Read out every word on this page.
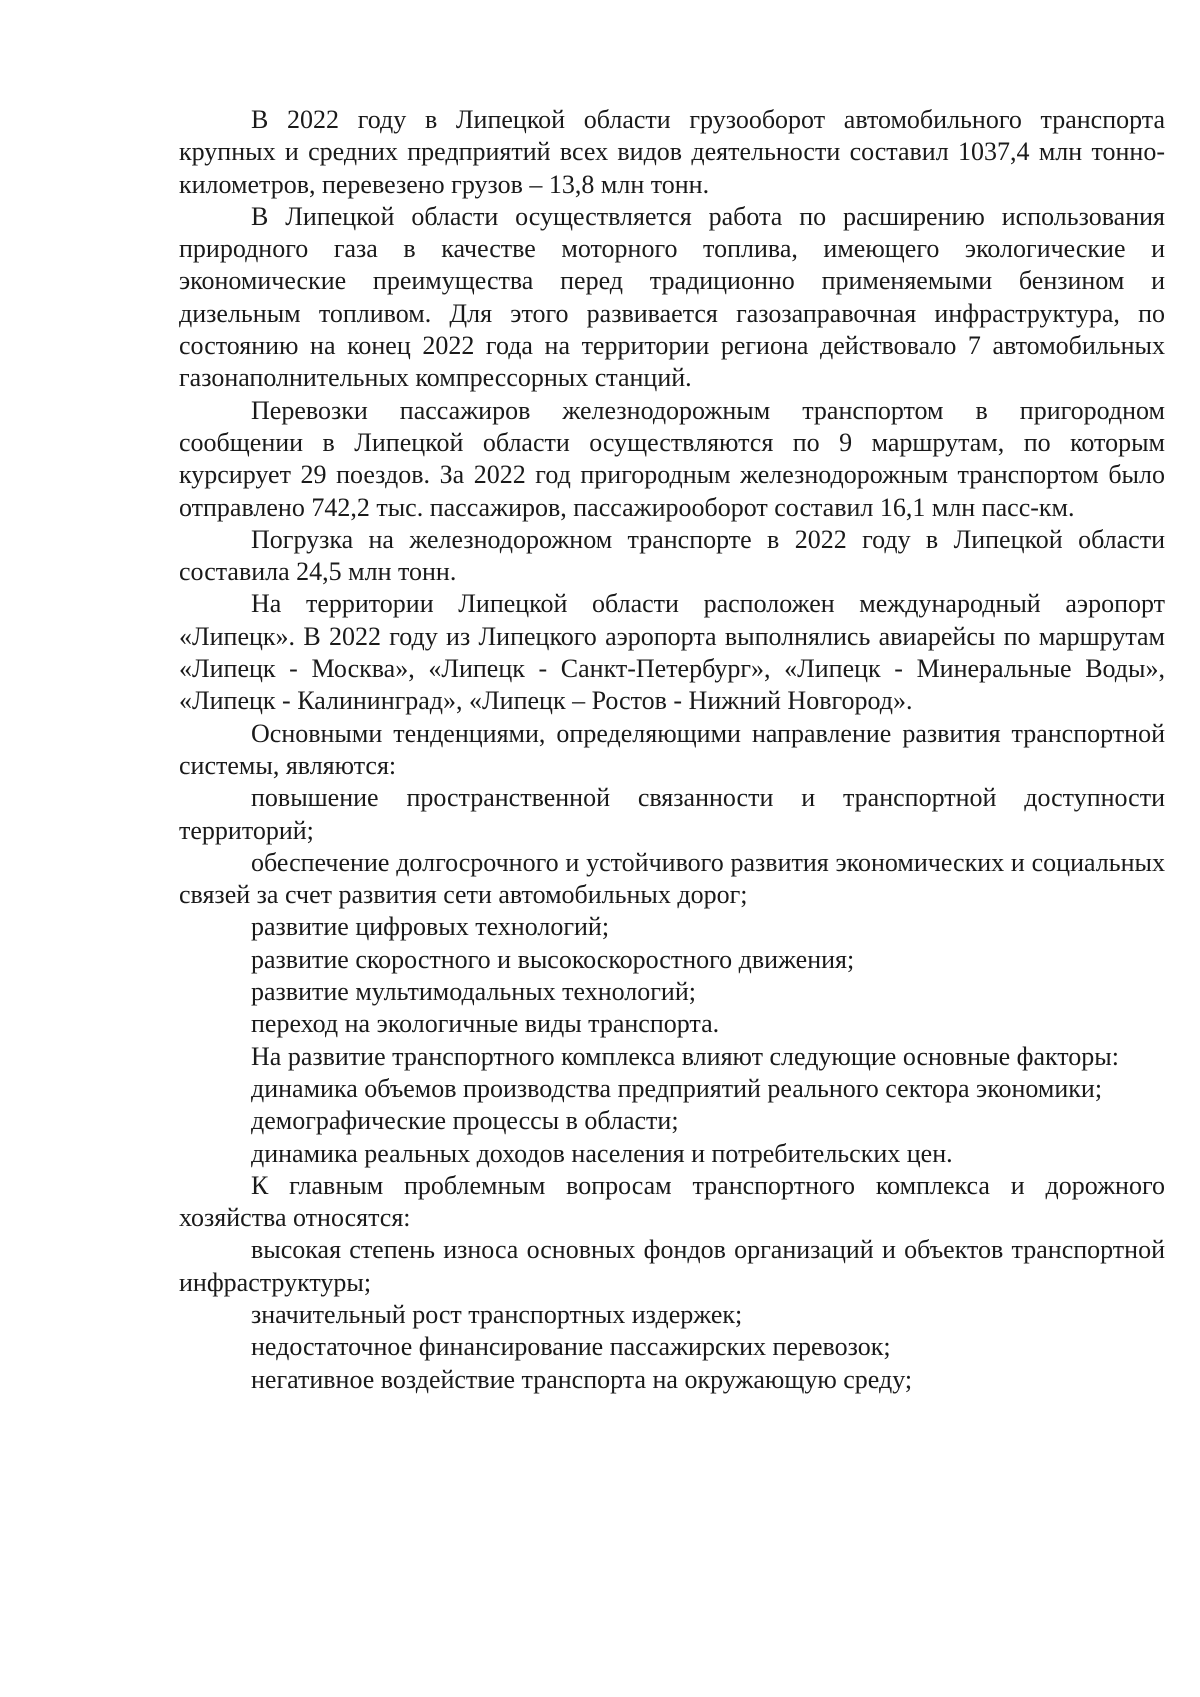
В 2022 году в Липецкой области грузооборот автомобильного транспорта крупных и средних предприятий всех видов деятельности составил 1037,4 млн тонно-километров, перевезено грузов – 13,8 млн тонн.

В Липецкой области осуществляется работа по расширению использования природного газа в качестве моторного топлива, имеющего экологические и экономические преимущества перед традиционно применяемыми бензином и дизельным топливом. Для этого развивается газозаправочная инфраструктура, по состоянию на конец 2022 года на территории региона действовало 7 автомобильных газонаполнительных компрессорных станций.

Перевозки пассажиров железнодорожным транспортом в пригородном сообщении в Липецкой области осуществляются по 9 маршрутам, по которым курсирует 29 поездов. За 2022 год пригородным железнодорожным транспортом было отправлено 742,2 тыс. пассажиров, пассажирооборот составил 16,1 млн пасс-км.

Погрузка на железнодорожном транспорте в 2022 году в Липецкой области составила 24,5 млн тонн.

На территории Липецкой области расположен международный аэропорт «Липецк». В 2022 году из Липецкого аэропорта выполнялись авиарейсы по маршрутам «Липецк - Москва», «Липецк - Санкт-Петербург», «Липецк - Минеральные Воды», «Липецк - Калининград», «Липецк – Ростов - Нижний Новгород».

Основными тенденциями, определяющими направление развития транспортной системы, являются:

повышение пространственной связанности и транспортной доступности территорий;

обеспечение долгосрочного и устойчивого развития экономических и социальных связей за счет развития сети автомобильных дорог;

развитие цифровых технологий;

развитие скоростного и высокоскоростного движения;

развитие мультимодальных технологий;

переход на экологичные виды транспорта.

На развитие транспортного комплекса влияют следующие основные факторы:

динамика объемов производства предприятий реального сектора экономики;

демографические процессы в области;

динамика реальных доходов населения и потребительских цен.

К главным проблемным вопросам транспортного комплекса и дорожного хозяйства относятся:

высокая степень износа основных фондов организаций и объектов транспортной инфраструктуры;

значительный рост транспортных издержек;

недостаточное финансирование пассажирских перевозок;

негативное воздействие транспорта на окружающую среду;
